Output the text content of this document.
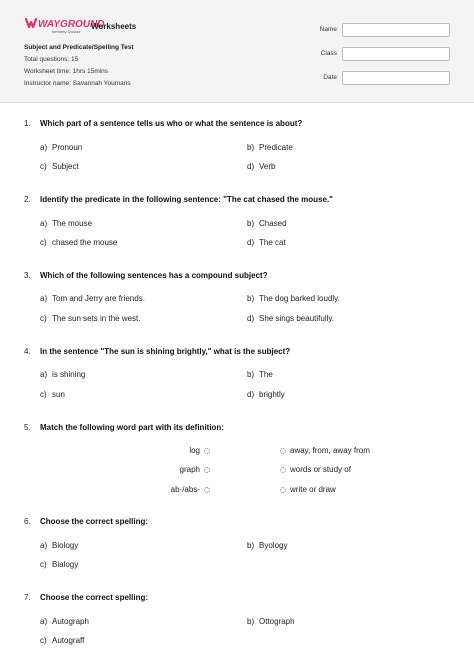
WAYGROUND
formerly Quizizz
Worksheets
Subject and Predicate/Spelling Test
Total questions: 15
Worksheet time: 1hrs 15mins
Instructor name: Savannah Youmans
Name
Class
Date
1. Which part of a sentence tells us who or what the sentence is about?
a) Pronoun	b) Predicate
c) Subject	d) Verb
2. Identify the predicate in the following sentence: "The cat chased the mouse."
a) The mouse	b) Chased
c) chased the mouse	d) The cat
3. Which of the following sentences has a compound subject?
a) Tom and Jerry are friends.	b) The dog barked loudly.
c) The sun sets in the west.	d) She sings beautifully.
4. In the sentence "The sun is shining brightly," what is the subject?
a) is shining	b) The
c) sun	d) brightly
5. Match the following word part with its definition:
log	away, from, away from
graph	words or study of
ab-/abs-	write or draw
6. Choose the correct spelling:
a) Biology	b) Byology
c) Bialogy
7. Choose the correct spelling:
a) Autograph	b) Ottograph
c) Autograff
